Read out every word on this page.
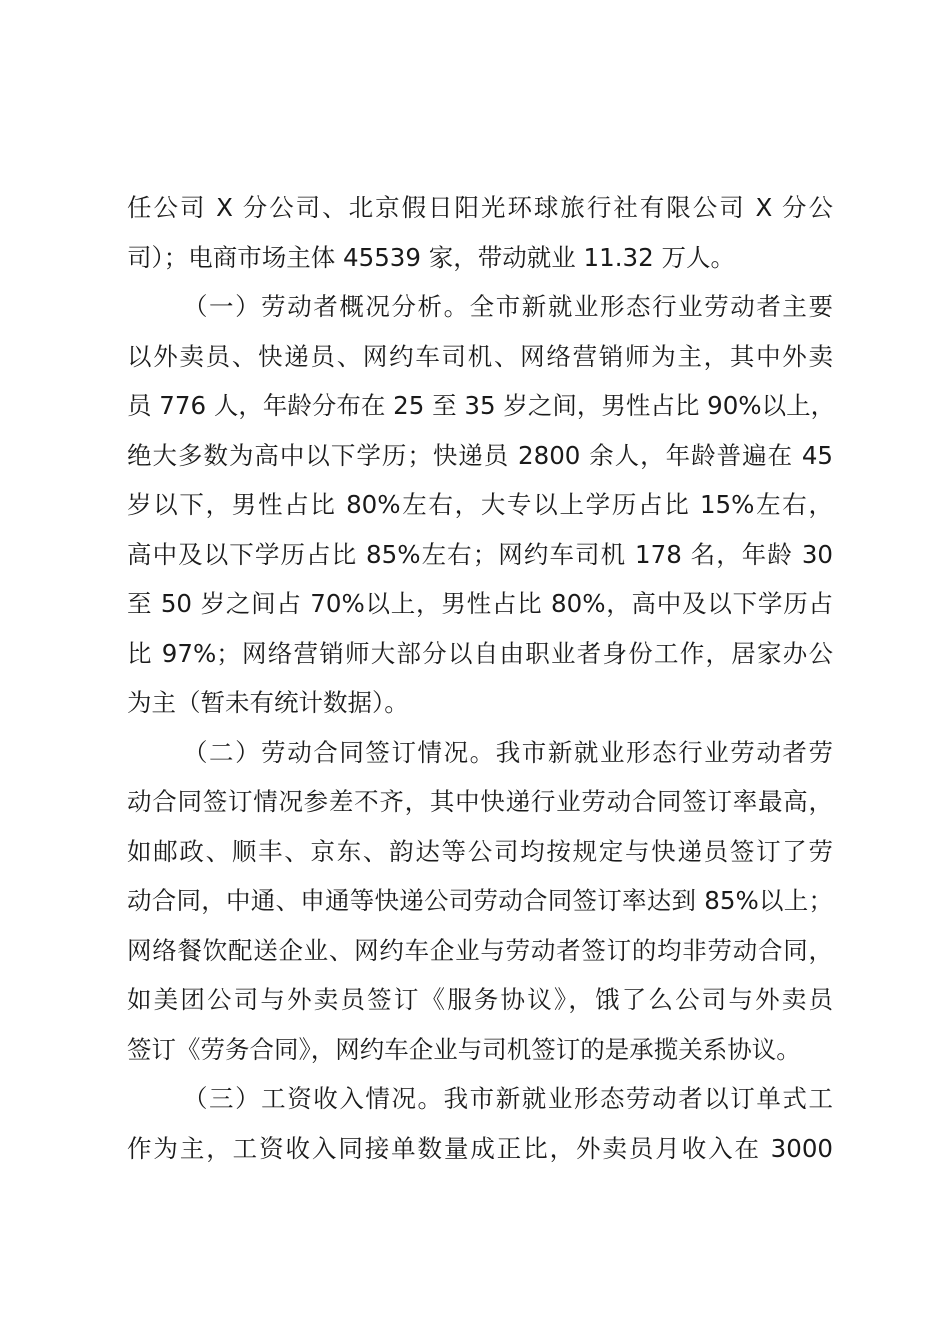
任公司 X 分公司、北京假日阳光环球旅行社有限公司 X 分公
司）；电商市场主体 45539 家，带动就业 11.32 万人。
（一）劳动者概况分析。全市新就业形态行业劳动者主要
以外卖员、快递员、网约车司机、网络营销师为主，其中外卖
员 776 人，年龄分布在 25 至 35 岁之间，男性占比 90%以上，
绝大多数为高中以下学历；快递员 2800 余人，年龄普遍在 45
岁以下，男性占比 80%左右，大专以上学历占比 15%左右，
高中及以下学历占比 85%左右；网约车司机 178 名，年龄 30
至 50 岁之间占 70%以上，男性占比 80%，高中及以下学历占
比 97%；网络营销师大部分以自由职业者身份工作，居家办公
为主（暂未有统计数据）。
（二）劳动合同签订情况。我市新就业形态行业劳动者劳
动合同签订情况参差不齐，其中快递行业劳动合同签订率最高，
如邮政、顺丰、京东、韵达等公司均按规定与快递员签订了劳
动合同，中通、申通等快递公司劳动合同签订率达到 85%以上；
网络餐饮配送企业、网约车企业与劳动者签订的均非劳动合同，
如美团公司与外卖员签订《服务协议》，饿了么公司与外卖员
签订《劳务合同》，网约车企业与司机签订的是承揽关系协议。
（三）工资收入情况。我市新就业形态劳动者以订单式工
作为主，工资收入同接单数量成正比，外卖员月收入在 3000
